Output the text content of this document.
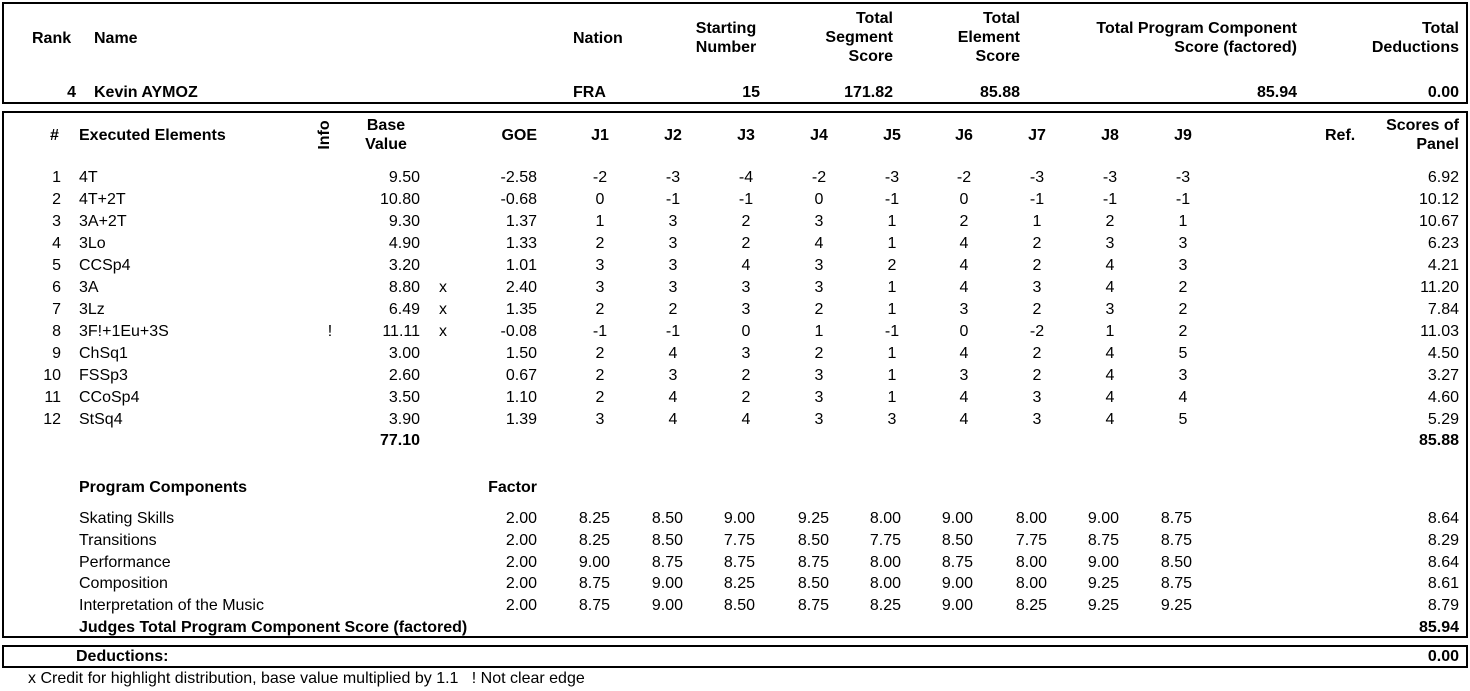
Rank Name	Nation
Starting
Number
Total
Segment
Score
Total
Element
Score
Total Program Component
Score (factored)
Total
Deductions
4 Kevin AYMOZ	FRA	15	171.82	85.88	85.94	0.00
# Executed Elements	Info	Base
Value
GOE	J1	J2	J3	J4	J5	J6	J7	J8	J9	Ref.
Scores of
Panel
1 4T	9.50	-2.58	-2	-3	-4	-2	-3	-2	-3	-3	-3	6.92
2 4T+2T	10.80	-0.68	0	-1	-1	0	-1	0	-1	-1	-1	10.12
3 3A+2T	9.30	1.37	1	3	2	3	1	2	1	2	1	10.67
4 3Lo	4.90	1.33	2	3	2	4	1	4	2	3	3	6.23
5 CCSp4	3.20	1.01	3	3	4	3	2	4	2	4	3	4.21
6 3A	8.80	x	2.40	3	3	3	3	1	4	3	4	2	11.20
7 3Lz	6.49	x	1.35	2	2	3	2	1	3	2	3	2	7.84
8 3F!+1Eu+3S	!	11.11	x	-0.08	-1	-1	0	1	-1	0	-2	1	2	11.03
9 ChSq1	3.00	1.50	2	4	3	2	1	4	2	4	5	4.50
10 FSSp3	2.60	0.67	2	3	2	3	1	3	2	4	3	3.27
11 CCoSp4	3.50	1.10	2	4	2	3	1	4	3	4	4	4.60
12 StSq4	3.90	1.39	3	4	4	3	3	4	3	4	5	5.29
77.10	85.88
Program Components	Factor
Skating Skills	2.00	8.25	8.50	9.00	9.25	8.00	9.00	8.00	9.00	8.75	8.64
Transitions	2.00	8.25	8.50	7.75	8.50	7.75	8.50	7.75	8.75	8.75	8.29
Performance	2.00	9.00	8.75	8.75	8.75	8.00	8.75	8.00	9.00	8.50	8.64
Composition	2.00	8.75	9.00	8.25	8.50	8.00	9.00	8.00	9.25	8.75	8.61
Interpretation of the Music	2.00	8.75	9.00	8.50	8.75	8.25	9.00	8.25	9.25	9.25	8.79
Judges Total Program Component Score (factored)	85.94
Deductions:	0.00
x Credit for highlight distribution, base value multiplied by 1.1   ! Not clear edge
